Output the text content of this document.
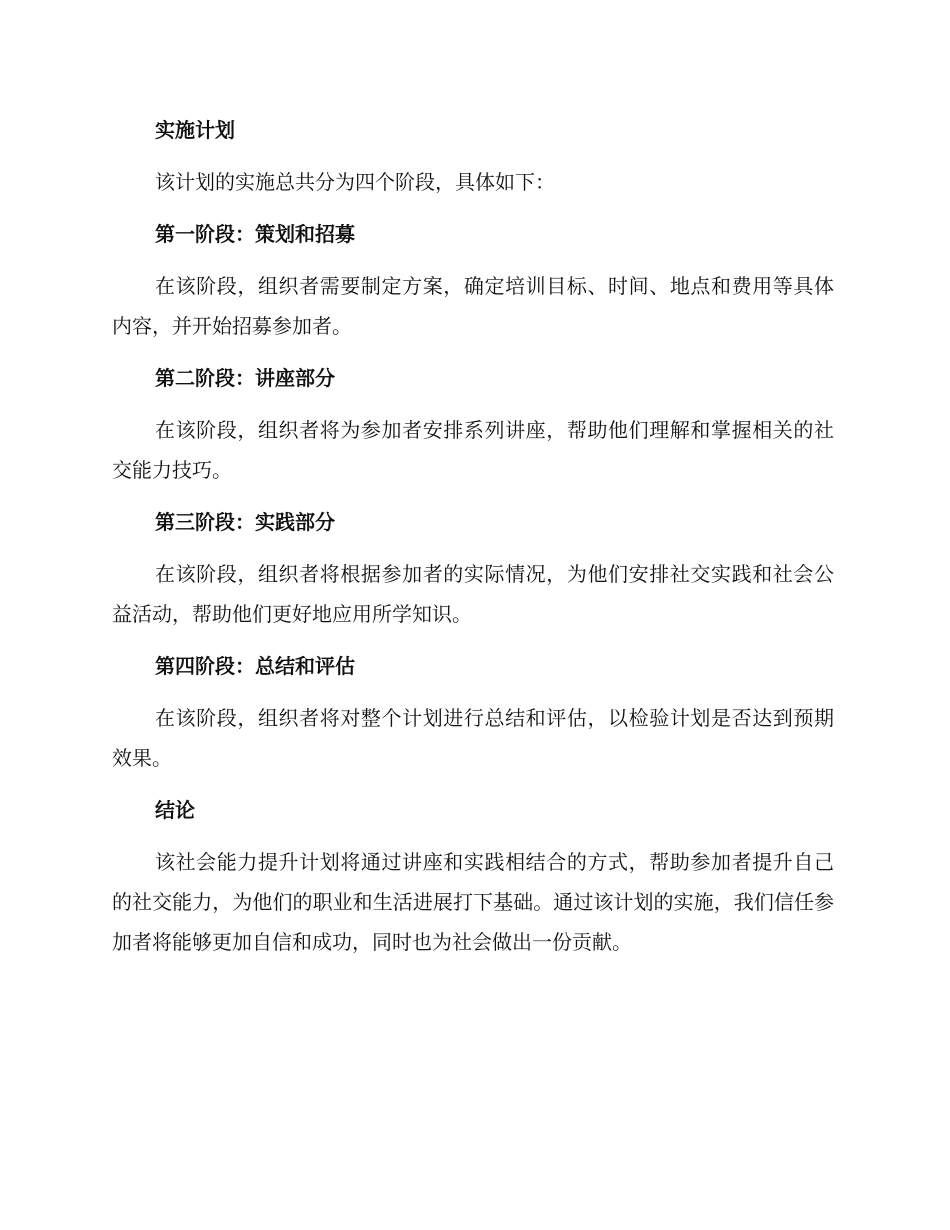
实施计划
该计划的实施总共分为四个阶段，具体如下：
第一阶段：策划和招募
在该阶段，组织者需要制定方案，确定培训目标、时间、地点和费用等具体内容，并开始招募参加者。
第二阶段：讲座部分
在该阶段，组织者将为参加者安排系列讲座，帮助他们理解和掌握相关的社交能力技巧。
第三阶段：实践部分
在该阶段，组织者将根据参加者的实际情况，为他们安排社交实践和社会公益活动，帮助他们更好地应用所学知识。
第四阶段：总结和评估
在该阶段，组织者将对整个计划进行总结和评估，以检验计划是否达到预期效果。
结论
该社会能力提升计划将通过讲座和实践相结合的方式，帮助参加者提升自己的社交能力，为他们的职业和生活进展打下基础。通过该计划的实施，我们信任参加者将能够更加自信和成功，同时也为社会做出一份贡献。
